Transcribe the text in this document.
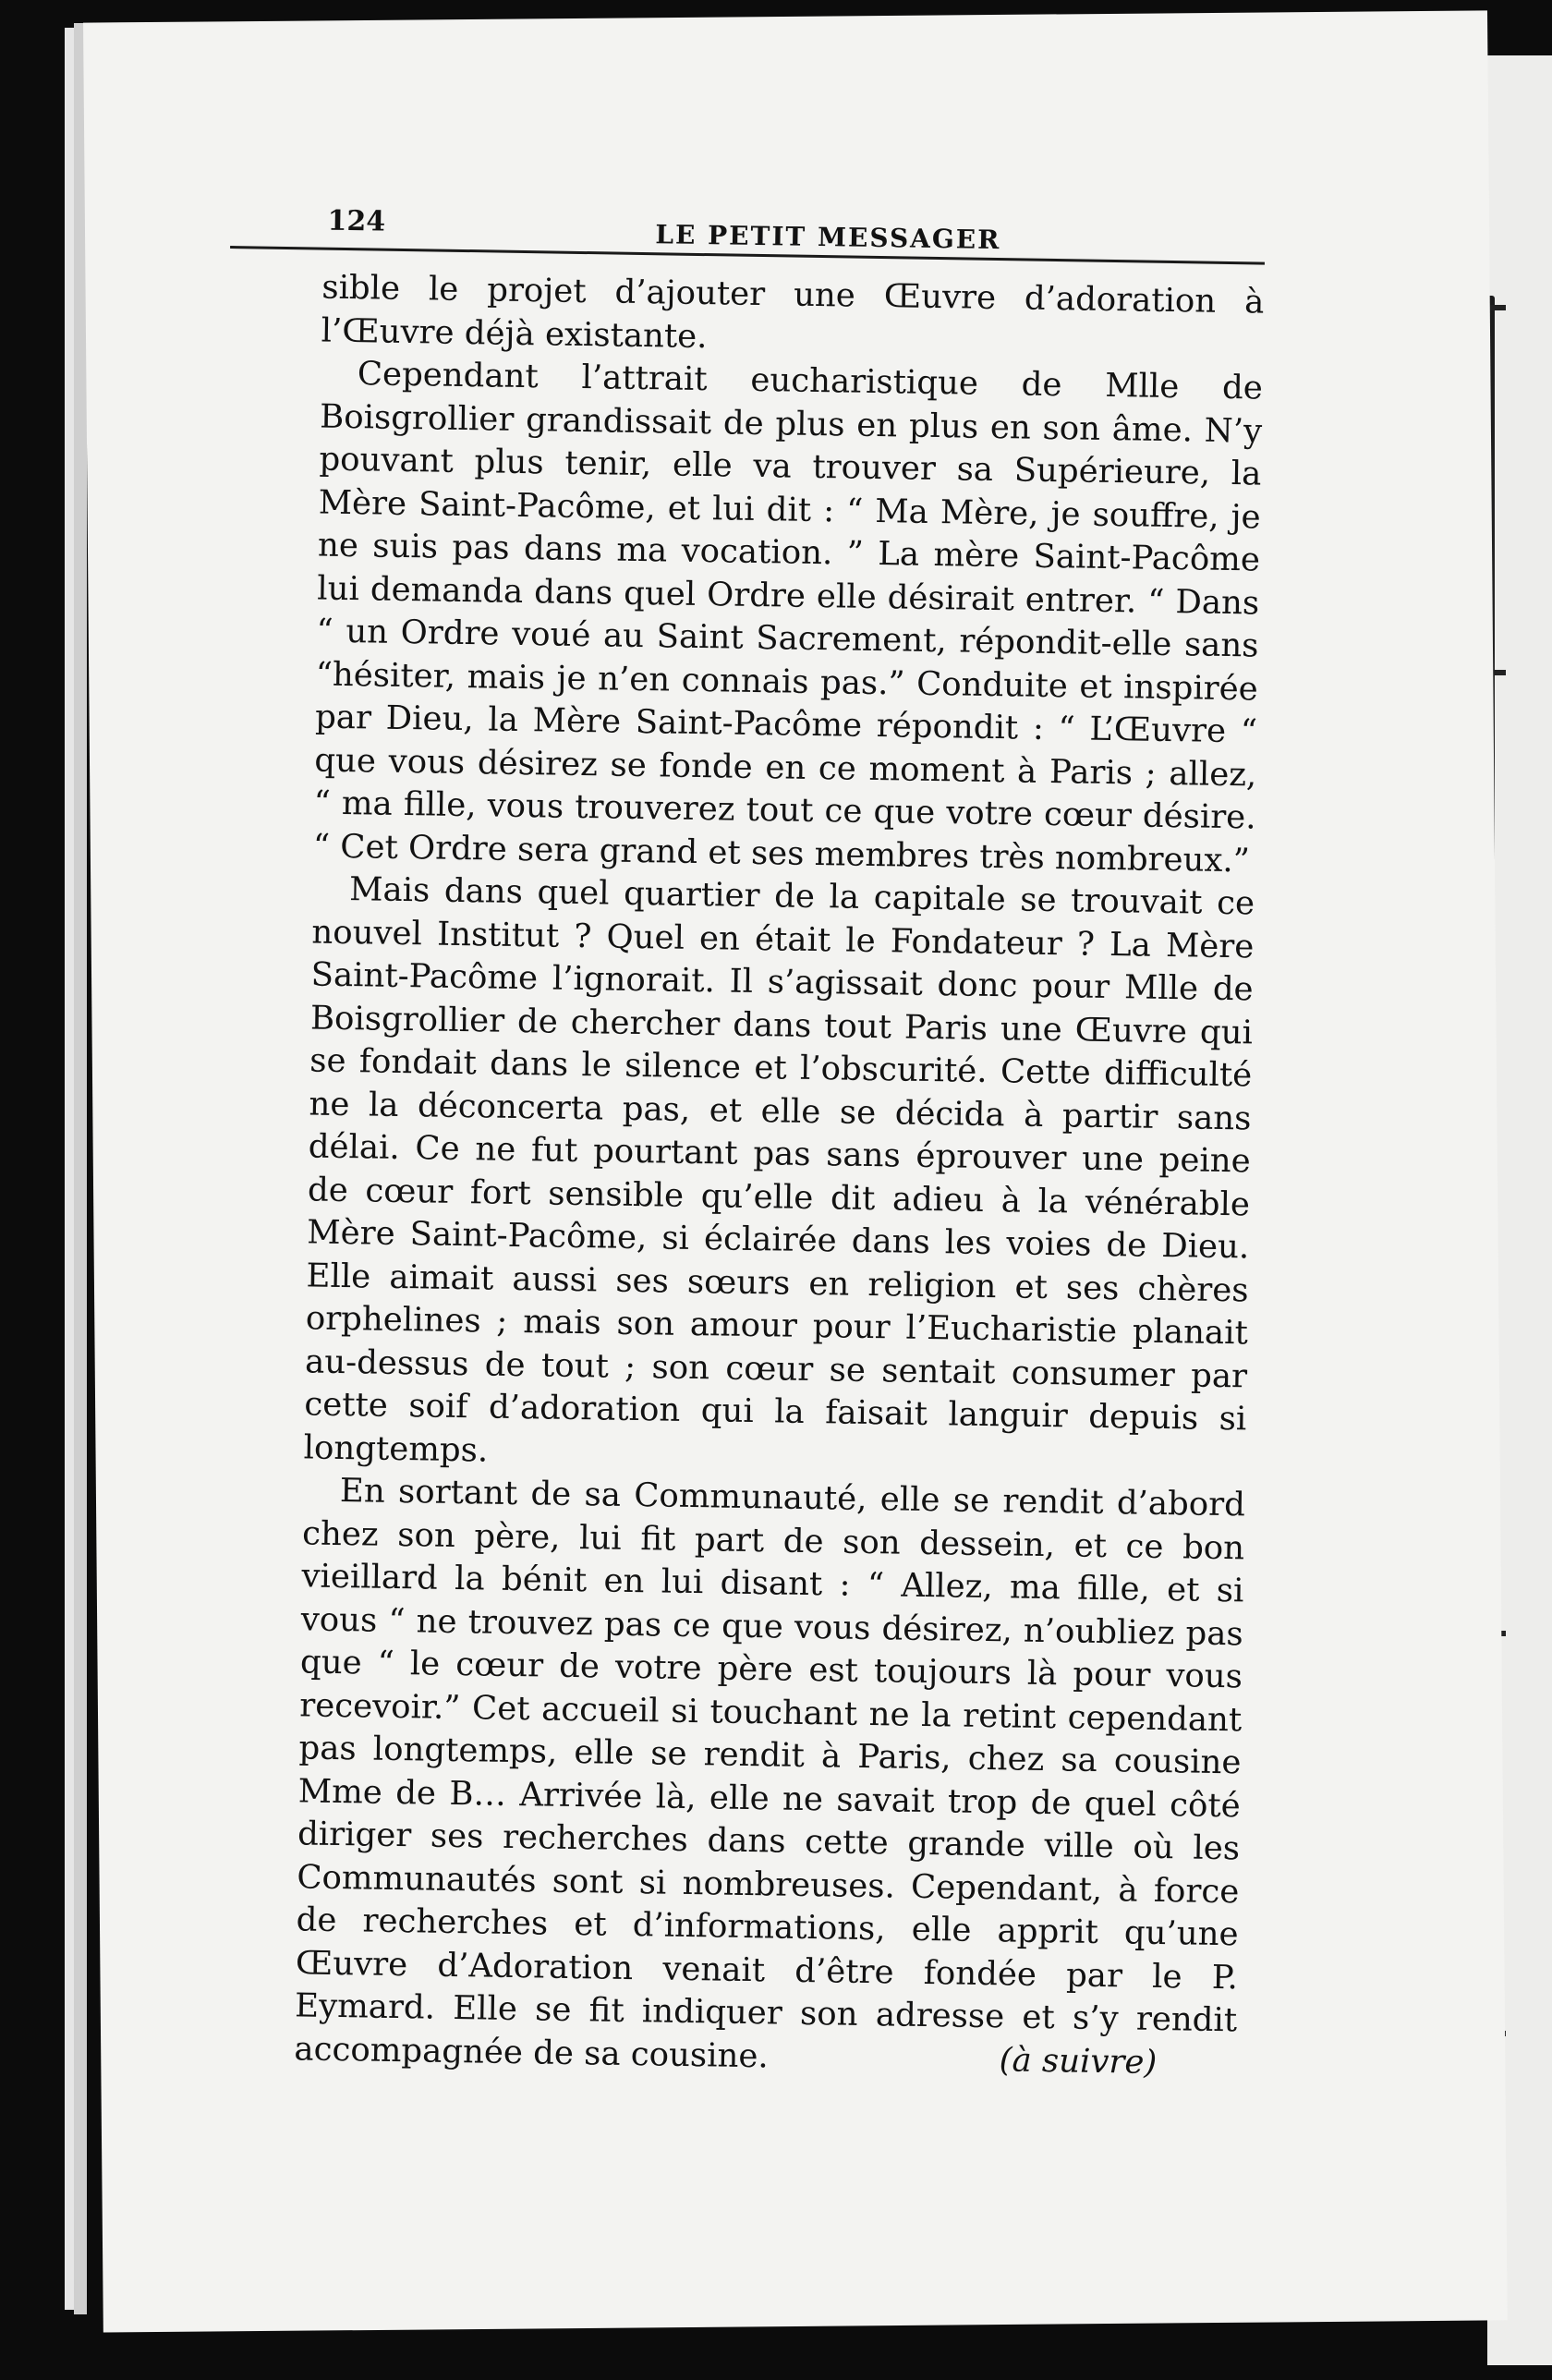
124	LE PETIT MESSAGER

sible le projet d’ajouter une Œuvre d’adoration à l’Œuvre déjà existante.

Cependant l’attrait eucharistique de Mlle de Boisgrollier grandissait de plus en plus en son âme. N’y pouvant plus tenir, elle va trouver sa Supérieure, la Mère Saint-Pacôme, et lui dit : “ Ma Mère, je souffre, je ne suis pas dans ma vocation. ” La mère Saint-Pacôme lui demanda dans quel Ordre elle désirait entrer. “ Dans “ un Ordre voué au Saint Sacrement, répondit-elle sans “hésiter, mais je n’en connais pas.” Conduite et inspirée par Dieu, la Mère Saint-Pacôme répondit : “ L’Œuvre “ que vous désirez se fonde en ce moment à Paris ; allez, “ ma fille, vous trouverez tout ce que votre cœur désire. “ Cet Ordre sera grand et ses membres très nombreux.”

Mais dans quel quartier de la capitale se trouvait ce nouvel Institut ? Quel en était le Fondateur ? La Mère Saint-Pacôme l’ignorait. Il s’agissait donc pour Mlle de Boisgrollier de chercher dans tout Paris une Œuvre qui se fondait dans le silence et l’obscurité. Cette difficulté ne la déconcerta pas, et elle se décida à partir sans délai. Ce ne fut pourtant pas sans éprouver une peine de cœur fort sensible qu’elle dit adieu à la vénérable Mère Saint-Pacôme, si éclairée dans les voies de Dieu. Elle aimait aussi ses sœurs en religion et ses chères orphelines ; mais son amour pour l’Eucharistie planait au-dessus de tout ; son cœur se sentait consumer par cette soif d’adoration qui la faisait languir depuis si longtemps.

En sortant de sa Communauté, elle se rendit d’abord chez son père, lui fit part de son dessein, et ce bon vieillard la bénit en lui disant : “ Allez, ma fille, et si vous “ ne trouvez pas ce que vous désirez, n’oubliez pas que “ le cœur de votre père est toujours là pour vous recevoir.” Cet accueil si touchant ne la retint cependant pas longtemps, elle se rendit à Paris, chez sa cousine Mme de B… Arrivée là, elle ne savait trop de quel côté diriger ses recherches dans cette grande ville où les Communautés sont si nombreuses. Cependant, à force de recherches et d’informations, elle apprit qu’une Œuvre d’Adoration venait d’être fondée par le P. Eymard. Elle se fit indiquer son adresse et s’y rendit accompagnée de sa cousine.	(à suivre)
